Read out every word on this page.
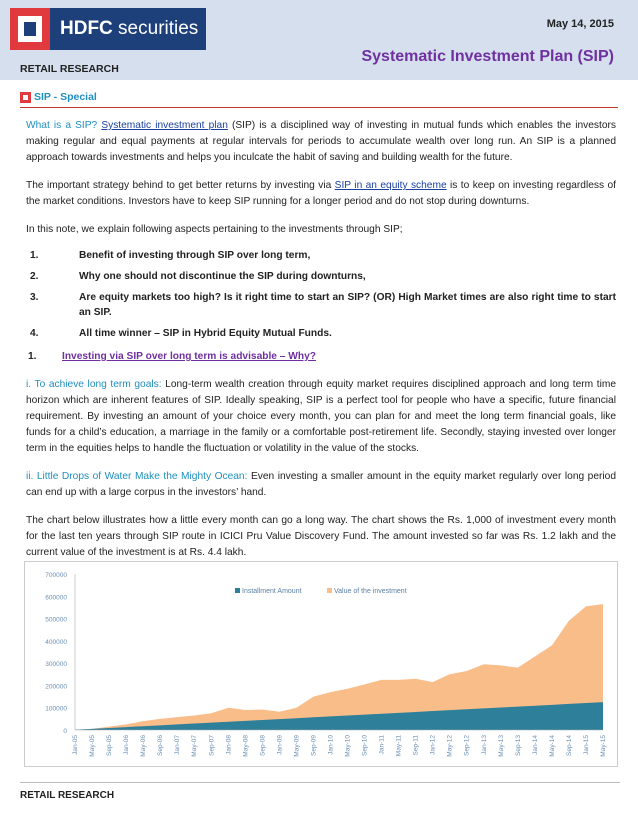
HDFC securities	May 14, 2015
Systematic Investment Plan (SIP)
RETAIL RESEARCH
SIP - Special

What is a SIP? Systematic investment plan (SIP) is a disciplined way of investing in mutual funds which enables the investors making regular and equal payments at regular intervals for periods to accumulate wealth over long run. An SIP is a planned approach towards investments and helps you inculcate the habit of saving and building wealth for the future.

The important strategy behind to get better returns by investing via SIP in an equity scheme is to keep on investing regardless of the market conditions. Investors have to keep SIP running for a longer period and do not stop during downturns.

In this note, we explain following aspects pertaining to the investments through SIP;

1.	Benefit of investing through SIP over long term,
2.	Why one should not discontinue the SIP during downturns,
3.	Are equity markets too high? Is it right time to start an SIP? (OR) High Market times are also right time to start an SIP.
4.	All time winner – SIP in Hybrid Equity Mutual Funds.
1.	Investing via SIP over long term is advisable – Why?

i. To achieve long term goals: Long-term wealth creation through equity market requires disciplined approach and long term time horizon which are inherent features of SIP. Ideally speaking, SIP is a perfect tool for people who have a specific, future financial requirement. By investing an amount of your choice every month, you can plan for and meet the long term financial goals, like funds for a child’s education, a marriage in the family or a comfortable post-retirement life. Secondly, staying invested over longer term in the equities helps to handle the fluctuation or volatility in the value of the stocks.

ii. Little Drops of Water Make the Mighty Ocean: Even investing a smaller amount in the equity market regularly over long period can end up with a large corpus in the investors’ hand.

The chart below illustrates how a little every month can go a long way. The chart shows the Rs. 1,000 of investment every month for the last ten years through SIP route in ICICI Pru Value Discovery Fund. The amount invested so far was Rs. 1.2 lakh and the current value of the investment is at Rs. 4.4 lakh.

0
100000
200000
300000
400000
500000
600000
700000
Jan-05 May-05 Sep-05 Jan-06 May-06 Sep-06 Jan-07 May-07 Sep-07 Jan-08 May-08 Sep-08 Jan-09 May-09 Sep-09 Jan-10 May-10 Sep-10 Jan-11 May-11 Sep-11 Jan-12 May-12 Sep-12 Jan-13 May-13 Sep-13 Jan-14 May-14 Sep-14 Jan-15 May-15
Installment Amount	Value of the investment
RETAIL RESEARCH
